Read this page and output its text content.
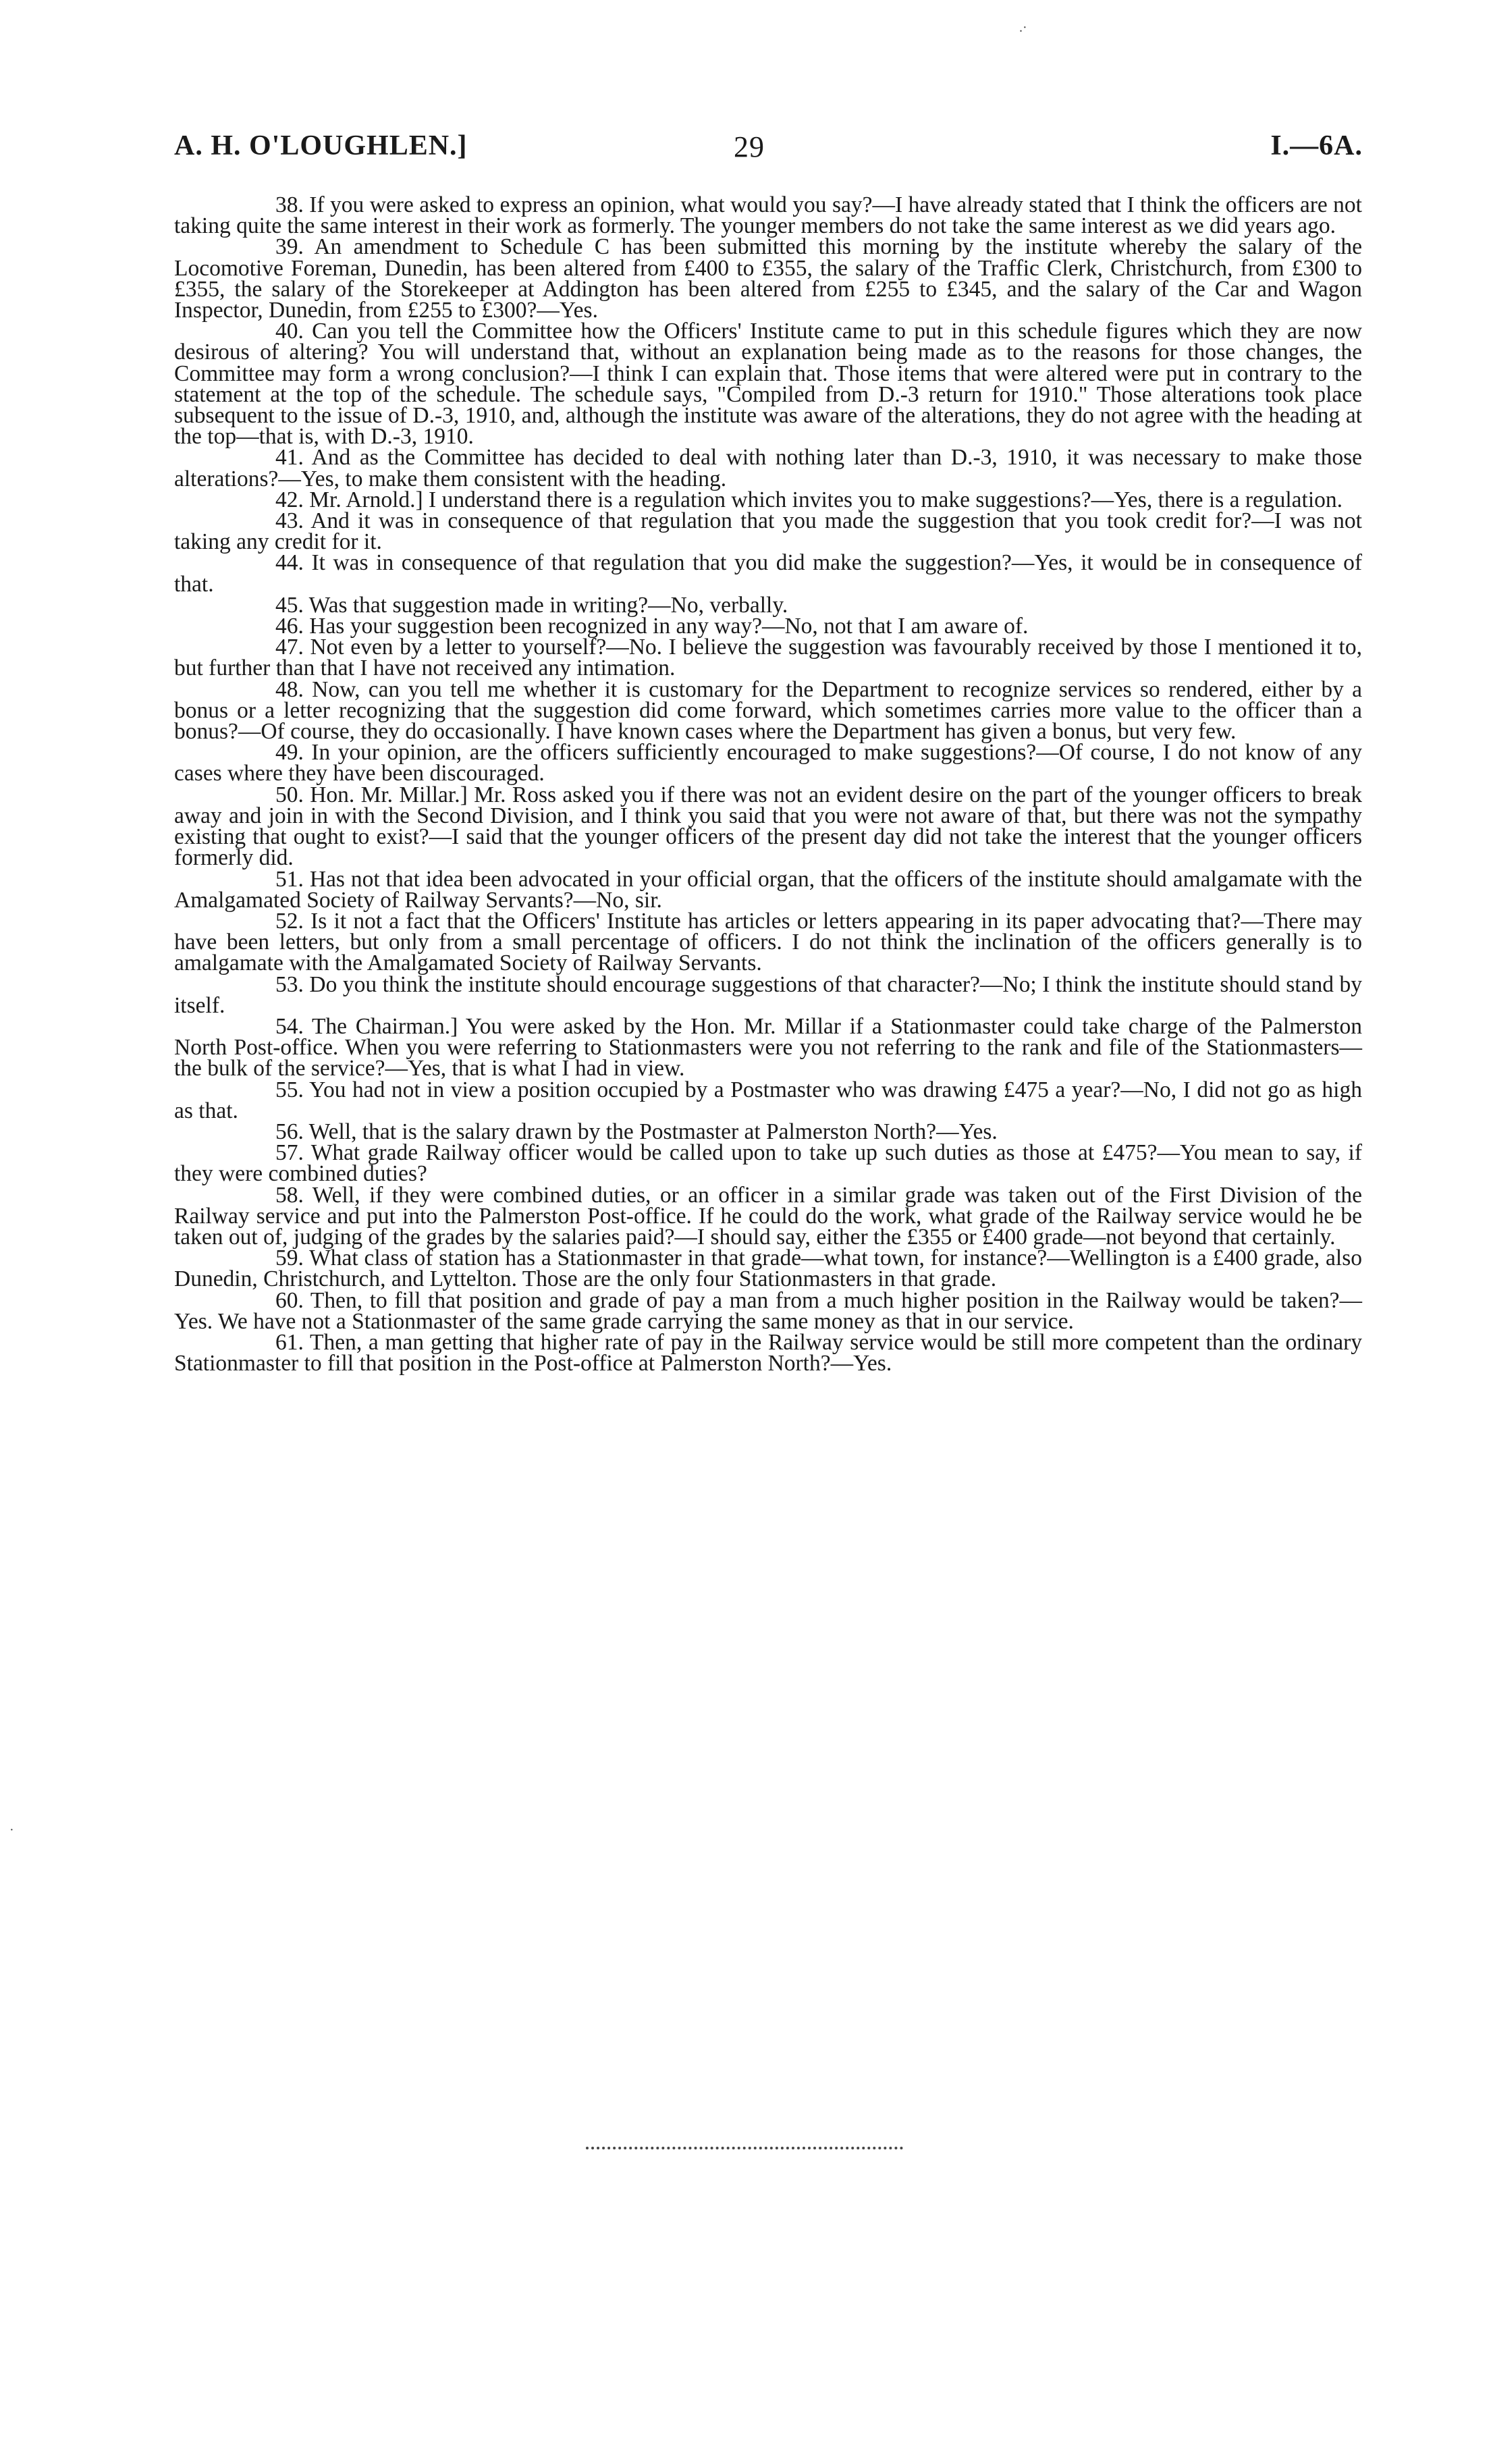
.·
A. H. O'LOUGHLEN.]	29	I.—6A.

38. If you were asked to express an opinion, what would you say?—I have already stated that I think the officers are not taking quite the same interest in their work as formerly. The younger members do not take the same interest as we did years ago.

39. An amendment to Schedule C has been submitted this morning by the institute whereby the salary of the Locomotive Foreman, Dunedin, has been altered from £400 to £355, the salary of the Traffic Clerk, Christchurch, from £300 to £355, the salary of the Storekeeper at Addington has been altered from £255 to £345, and the salary of the Car and Wagon Inspector, Dunedin, from £255 to £300?—Yes.

40. Can you tell the Committee how the Officers' Institute came to put in this schedule figures which they are now desirous of altering? You will understand that, without an explanation being made as to the reasons for those changes, the Committee may form a wrong conclusion?—I think I can explain that. Those items that were altered were put in contrary to the statement at the top of the schedule. The schedule says, "Compiled from D.-3 return for 1910." Those alterations took place subsequent to the issue of D.-3, 1910, and, although the institute was aware of the alterations, they do not agree with the heading at the top—that is, with D.-3, 1910.

41. And as the Committee has decided to deal with nothing later than D.-3, 1910, it was necessary to make those alterations?—Yes, to make them consistent with the heading.

42. Mr. Arnold.] I understand there is a regulation which invites you to make suggestions?—Yes, there is a regulation.

43. And it was in consequence of that regulation that you made the suggestion that you took credit for?—I was not taking any credit for it.

44. It was in consequence of that regulation that you did make the suggestion?—Yes, it would be in consequence of that.

45. Was that suggestion made in writing?—No, verbally.

46. Has your suggestion been recognized in any way?—No, not that I am aware of.

47. Not even by a letter to yourself?—No. I believe the suggestion was favourably received by those I mentioned it to, but further than that I have not received any intimation.

48. Now, can you tell me whether it is customary for the Department to recognize services so rendered, either by a bonus or a letter recognizing that the suggestion did come forward, which sometimes carries more value to the officer than a bonus?—Of course, they do occasionally. I have known cases where the Department has given a bonus, but very few.

49. In your opinion, are the officers sufficiently encouraged to make suggestions?—Of course, I do not know of any cases where they have been discouraged.

50. Hon. Mr. Millar.] Mr. Ross asked you if there was not an evident desire on the part of the younger officers to break away and join in with the Second Division, and I think you said that you were not aware of that, but there was not the sympathy existing that ought to exist?—I said that the younger officers of the present day did not take the interest that the younger officers formerly did.

51. Has not that idea been advocated in your official organ, that the officers of the institute should amalgamate with the Amalgamated Society of Railway Servants?—No, sir.

52. Is it not a fact that the Officers' Institute has articles or letters appearing in its paper advocating that?—There may have been letters, but only from a small percentage of officers. I do not think the inclination of the officers generally is to amalgamate with the Amalgamated Society of Railway Servants.

53. Do you think the institute should encourage suggestions of that character?—No; I think the institute should stand by itself.

54. The Chairman.] You were asked by the Hon. Mr. Millar if a Stationmaster could take charge of the Palmerston North Post-office. When you were referring to Stationmasters were you not referring to the rank and file of the Stationmasters—the bulk of the service?—Yes, that is what I had in view.

55. You had not in view a position occupied by a Postmaster who was drawing £475 a year?—No, I did not go as high as that.

56. Well, that is the salary drawn by the Postmaster at Palmerston North?—Yes.

57. What grade Railway officer would be called upon to take up such duties as those at £475?—You mean to say, if they were combined duties?

58. Well, if they were combined duties, or an officer in a similar grade was taken out of the First Division of the Railway service and put into the Palmerston Post-office. If he could do the work, what grade of the Railway service would he be taken out of, judging of the grades by the salaries paid?—I should say, either the £355 or £400 grade—not beyond that certainly.

59. What class of station has a Stationmaster in that grade—what town, for instance?—Wellington is a £400 grade, also Dunedin, Christchurch, and Lyttelton. Those are the only four Stationmasters in that grade.

60. Then, to fill that position and grade of pay a man from a much higher position in the Railway would be taken?—Yes. We have not a Stationmaster of the same grade carrying the same money as that in our service.

61. Then, a man getting that higher rate of pay in the Railway service would be still more competent than the ordinary Stationmaster to fill that position in the Post-office at Palmerston North?—Yes.

·
